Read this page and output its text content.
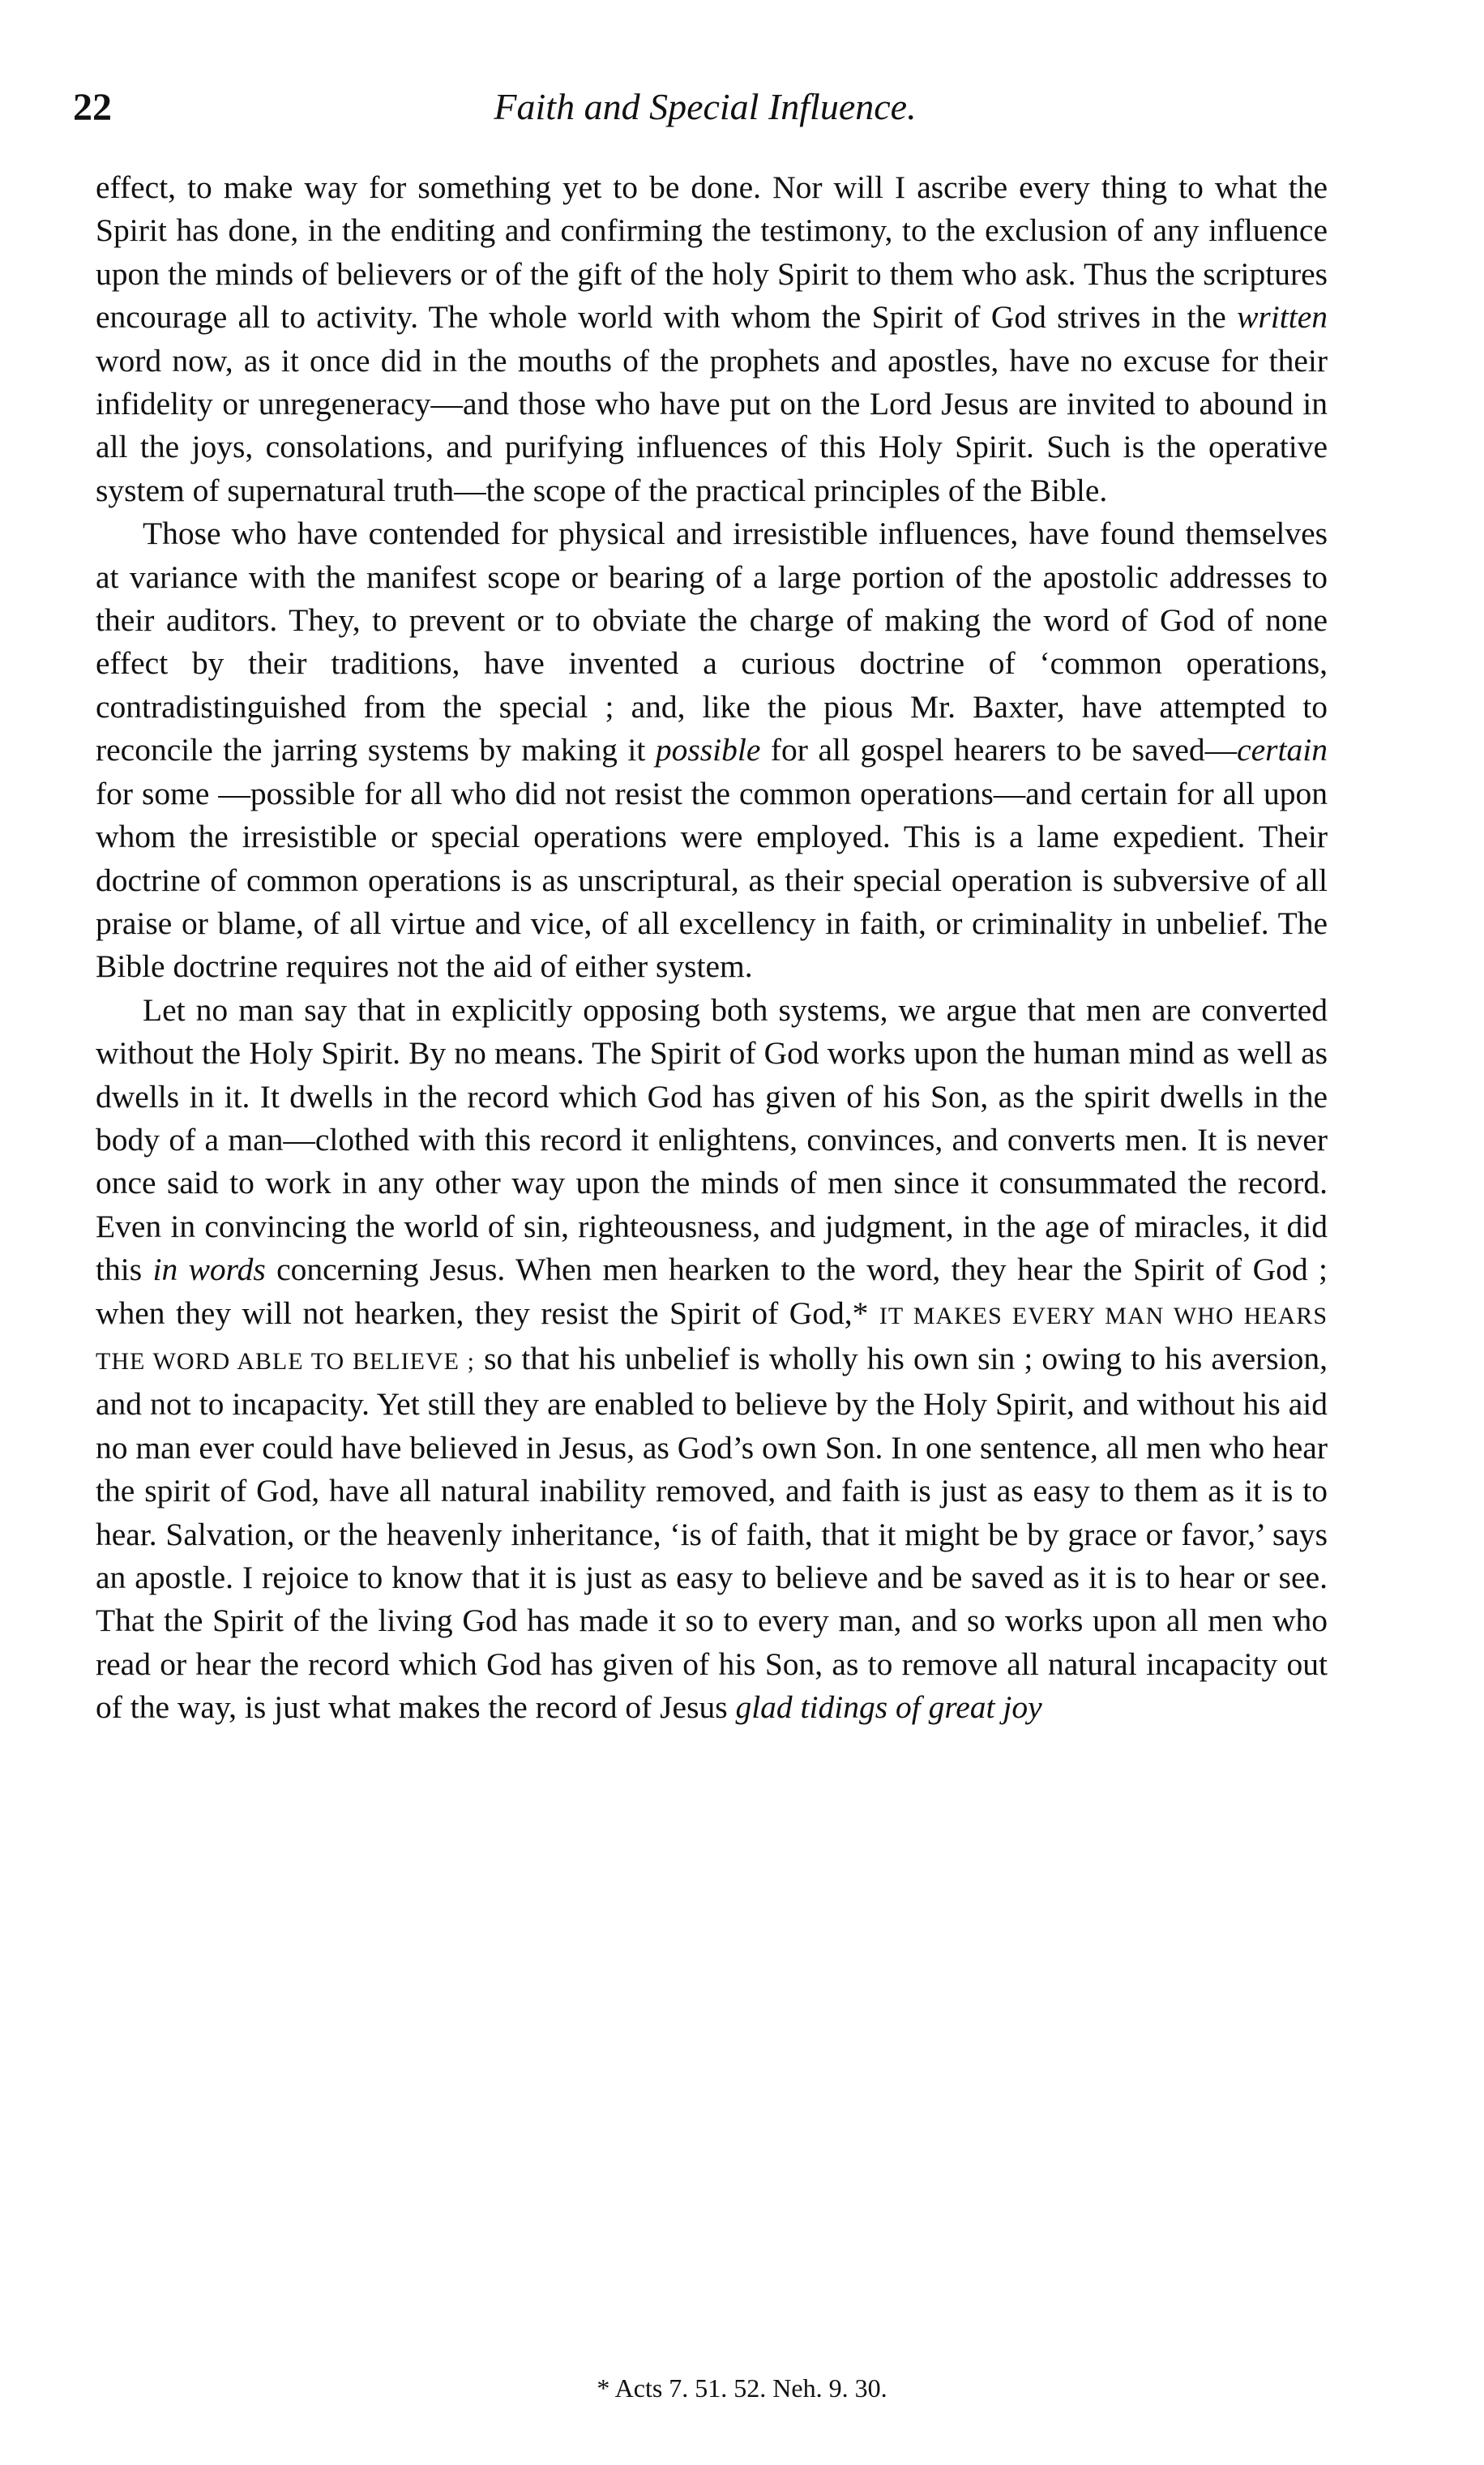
22	Faith and Special Influence.

effect, to make way for something yet to be done. Nor will I ascribe every thing to what the Spirit has done, in the enditing and confirming the testimony, to the exclusion of any influence upon the minds of believers or of the gift of the holy Spirit to them who ask. Thus the scriptures encourage all to activity. The whole world with whom the Spirit of God strives in the written word now, as it once did in the mouths of the prophets and apostles, have no excuse for their infidelity or unregeneracy—and those who have put on the Lord Jesus are invited to abound in all the joys, consolations, and purifying influences of this Holy Spirit. Such is the operative system of supernatural truth—the scope of the practical principles of the Bible.

Those who have contended for physical and irresistible influences, have found themselves at variance with the manifest scope or bearing of a large portion of the apostolic addresses to their auditors. They, to prevent or to obviate the charge of making the word of God of none effect by their traditions, have invented a curious doctrine of ‘common operations, contradistinguished from the special ; and, like the pious Mr. Baxter, have attempted to reconcile the jarring systems by making it possible for all gospel hearers to be saved—certain for some —possible for all who did not resist the common operations—and certain for all upon whom the irresistible or special operations were employed. This is a lame expedient. Their doctrine of common operations is as unscriptural, as their special operation is subversive of all praise or blame, of all virtue and vice, of all excellency in faith, or criminality in unbelief. The Bible doctrine requires not the aid of either system.

Let no man say that in explicitly opposing both systems, we argue that men are converted without the Holy Spirit. By no means. The Spirit of God works upon the human mind as well as dwells in it. It dwells in the record which God has given of his Son, as the spirit dwells in the body of a man—clothed with this record it enlightens, convinces, and converts men. It is never once said to work in any other way upon the minds of men since it consummated the record. Even in convincing the world of sin, righteousness, and judgment, in the age of miracles, it did this in words concerning Jesus. When men hearken to the word, they hear the Spirit of God ; when they will not hearken, they resist the Spirit of God,* IT MAKES EVERY MAN WHO HEARS THE WORD ABLE TO BELIEVE ; so that his unbelief is wholly his own sin ; owing to his aversion, and not to incapacity. Yet still they are enabled to believe by the Holy Spirit, and without his aid no man ever could have believed in Jesus, as God’s own Son. In one sentence, all men who hear the spirit of God, have all natural inability removed, and faith is just as easy to them as it is to hear. Salvation, or the heavenly inheritance, ‘is of faith, that it might be by grace or favor,’ says an apostle. I rejoice to know that it is just as easy to believe and be saved as it is to hear or see. That the Spirit of the living God has made it so to every man, and so works upon all men who read or hear the record which God has given of his Son, as to remove all natural incapacity out of the way, is just what makes the record of Jesus glad tidings of great joy

* Acts 7. 51. 52. Neh. 9. 30.
